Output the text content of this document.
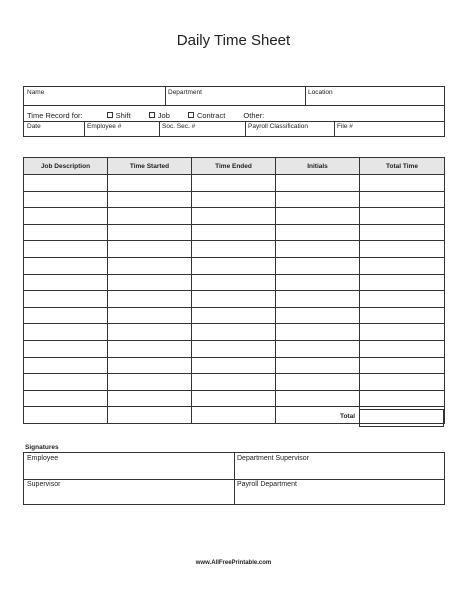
Daily Time Sheet
Name	Department	Location
Time Record for:	Shift	Job	Contract Other:
Date	Employee #	Soc. Sec. #	Payroll Classification	File #
Job Description	Time Started	Time Ended	Initials	Total Time

Total
Signatures
Employee	Department Supervisor
Supervisor	Payroll Department
www.AllFreePrintable.com
